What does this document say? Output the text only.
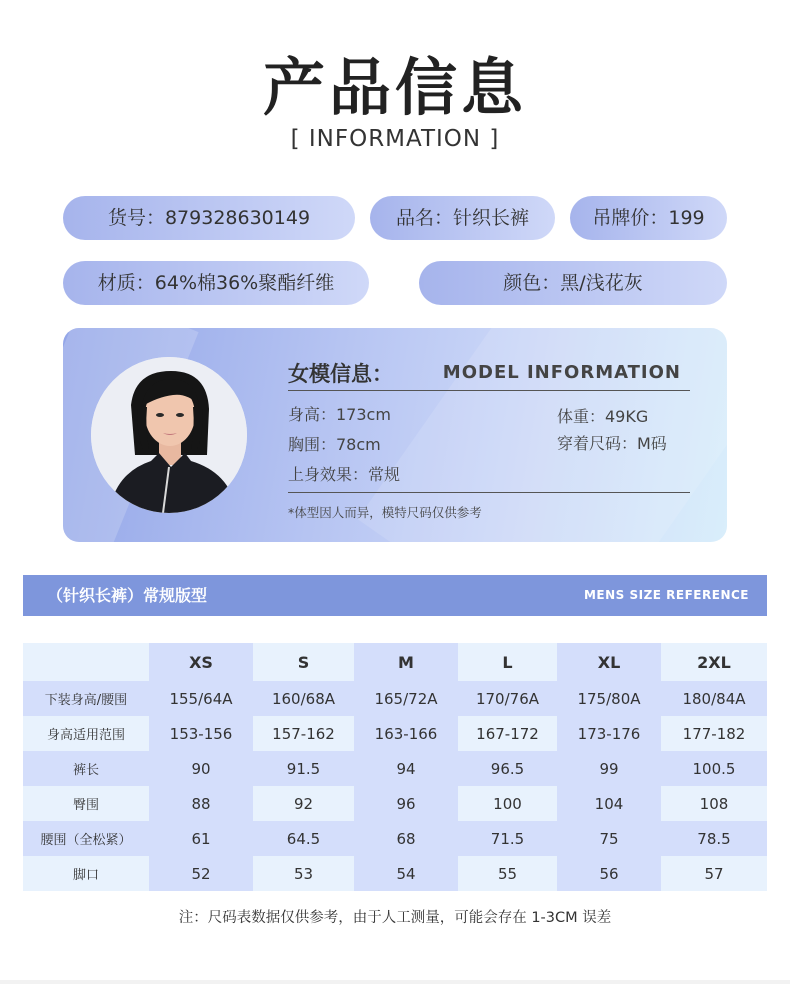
产品信息
[ INFORMATION ]
货号：879328630149	品名：针织长裤	吊牌价：199
材质：64%棉36%聚酯纤维	颜色：黑/浅花灰
女模信息：	MODEL INFORMATION
身高：173cm	体重：49KG
胸围：78cm	穿着尺码：M码
上身效果：常规
*体型因人而异，模特尺码仅供参考
（针织长裤）常规版型	MENS SIZE REFERENCE
	XS	S	M	L	XL	2XL
下装身高/腰围	155/64A	160/68A	165/72A	170/76A	175/80A	180/84A
身高适用范围	153-156	157-162	163-166	167-172	173-176	177-182
裤长	90	91.5	94	96.5	99	100.5
臀围	88	92	96	100	104	108
腰围（全松紧）	61	64.5	68	71.5	75	78.5
脚口	52	53	54	55	56	57
注：尺码表数据仅供参考，由于人工测量，可能会存在 1-3CM 误差
